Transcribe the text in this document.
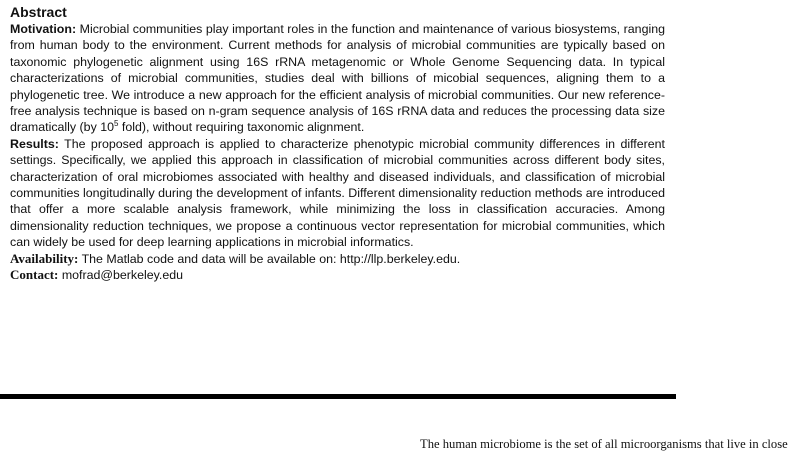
Abstract

Motivation: Microbial communities play important roles in the function and maintenance of various biosystems, ranging from human body to the environment. Current methods for analysis of microbial communities are typically based on taxonomic phylogenetic alignment using 16S rRNA metagenomic or Whole Genome Sequencing data. In typical characterizations of microbial communities, studies deal with billions of micobial sequences, aligning them to a phylogenetic tree. We introduce a new approach for the efficient analysis of microbial communities. Our new reference-free analysis technique is based on n-gram sequence analysis of 16S rRNA data and reduces the processing data size dramatically (by $10^5$ fold), without requiring taxonomic alignment.

Results: The proposed approach is applied to characterize phenotypic microbial community differences in different settings. Specifically, we applied this approach in classification of microbial communities across different body sites, characterization of oral microbiomes associated with healthy and diseased individuals, and classification of microbial communities longitudinally during the development of infants. Different dimensionality reduction methods are introduced that offer a more scalable analysis framework, while minimizing the loss in classification accuracies. Among dimensionality reduction techniques, we propose a continuous vector representation for microbial communities, which can widely be used for deep learning applications in microbial informatics.

Availability: The Matlab code and data will be available on: http://llp.berkeley.edu.

Contact: mofrad@berkeley.edu

The human microbiome is the set of all microorganisms that live in close
